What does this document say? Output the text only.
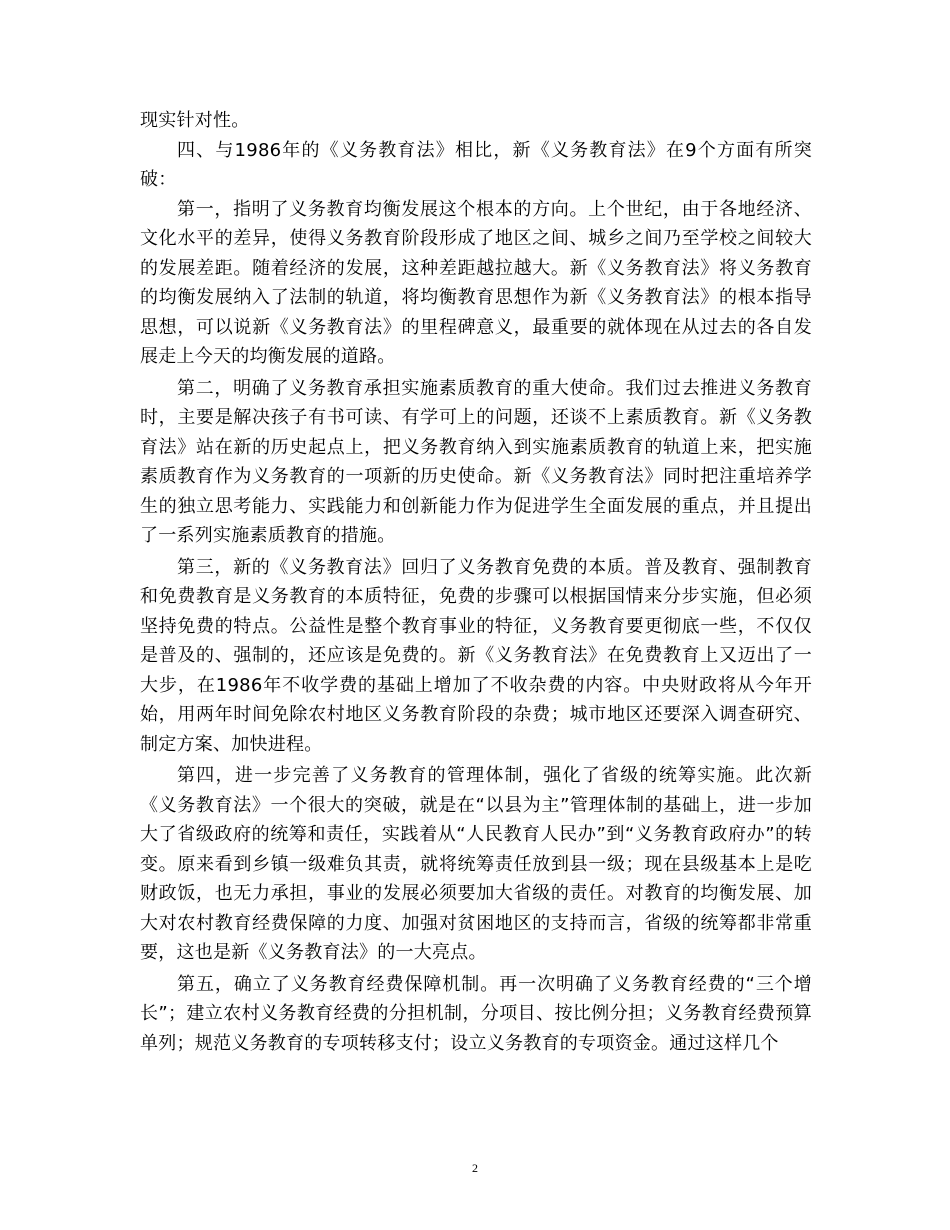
现实针对性。

四、与1986年的《义务教育法》相比，新《义务教育法》在9个方面有所突破：

第一，指明了义务教育均衡发展这个根本的方向。上个世纪，由于各地经济、文化水平的差异，使得义务教育阶段形成了地区之间、城乡之间乃至学校之间较大的发展差距。随着经济的发展，这种差距越拉越大。新《义务教育法》将义务教育的均衡发展纳入了法制的轨道，将均衡教育思想作为新《义务教育法》的根本指导思想，可以说新《义务教育法》的里程碑意义，最重要的就体现在从过去的各自发展走上今天的均衡发展的道路。

第二，明确了义务教育承担实施素质教育的重大使命。我们过去推进义务教育时，主要是解决孩子有书可读、有学可上的问题，还谈不上素质教育。新《义务教育法》站在新的历史起点上，把义务教育纳入到实施素质教育的轨道上来，把实施素质教育作为义务教育的一项新的历史使命。新《义务教育法》同时把注重培养学生的独立思考能力、实践能力和创新能力作为促进学生全面发展的重点，并且提出了一系列实施素质教育的措施。

第三，新的《义务教育法》回归了义务教育免费的本质。普及教育、强制教育和免费教育是义务教育的本质特征，免费的步骤可以根据国情来分步实施，但必须坚持免费的特点。公益性是整个教育事业的特征，义务教育要更彻底一些，不仅仅是普及的、强制的，还应该是免费的。新《义务教育法》在免费教育上又迈出了一大步，在1986年不收学费的基础上增加了不收杂费的内容。中央财政将从今年开始，用两年时间免除农村地区义务教育阶段的杂费；城市地区还要深入调查研究、制定方案、加快进程。

第四，进一步完善了义务教育的管理体制，强化了省级的统筹实施。此次新《义务教育法》一个很大的突破，就是在“以县为主”管理体制的基础上，进一步加大了省级政府的统筹和责任，实践着从“人民教育人民办”到“义务教育政府办”的转变。原来看到乡镇一级难负其责，就将统筹责任放到县一级；现在县级基本上是吃财政饭，也无力承担，事业的发展必须要加大省级的责任。对教育的均衡发展、加大对农村教育经费保障的力度、加强对贫困地区的支持而言，省级的统筹都非常重要，这也是新《义务教育法》的一大亮点。

第五，确立了义务教育经费保障机制。再一次明确了义务教育经费的“三个增长”；建立农村义务教育经费的分担机制，分项目、按比例分担；义务教育经费预算单列；规范义务教育的专项转移支付；设立义务教育的专项资金。通过这样几个

2
